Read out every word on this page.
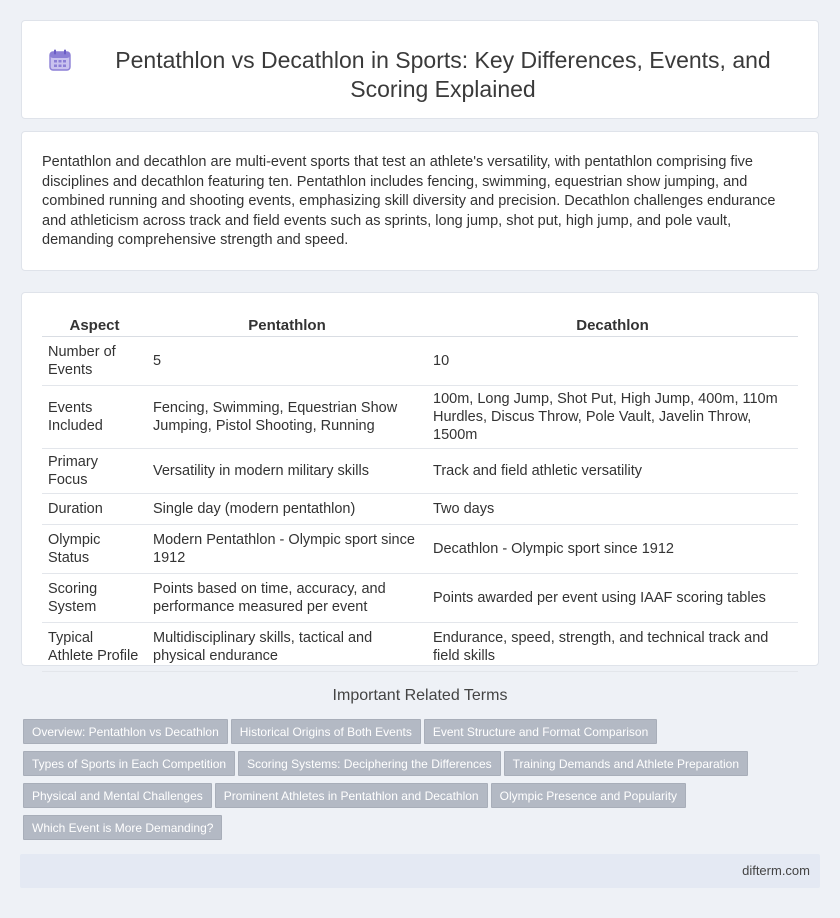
Pentathlon vs Decathlon in Sports: Key Differences, Events, and Scoring Explained

Pentathlon and decathlon are multi-event sports that test an athlete's versatility, with pentathlon comprising five disciplines and decathlon featuring ten. Pentathlon includes fencing, swimming, equestrian show jumping, and combined running and shooting events, emphasizing skill diversity and precision. Decathlon challenges endurance and athleticism across track and field events such as sprints, long jump, shot put, high jump, and pole vault, demanding comprehensive strength and speed.

Aspect	Pentathlon	Decathlon
Number of Events	5	10
Events Included	Fencing, Swimming, Equestrian Show Jumping, Pistol Shooting, Running	100m, Long Jump, Shot Put, High Jump, 400m, 110m Hurdles, Discus Throw, Pole Vault, Javelin Throw, 1500m
Primary Focus	Versatility in modern military skills	Track and field athletic versatility
Duration	Single day (modern pentathlon)	Two days
Olympic Status	Modern Pentathlon - Olympic sport since 1912	Decathlon - Olympic sport since 1912
Scoring System	Points based on time, accuracy, and performance measured per event	Points awarded per event using IAAF scoring tables
Typical Athlete Profile	Multidisciplinary skills, tactical and physical endurance	Endurance, speed, strength, and technical track and field skills
Important Related Terms
Overview: Pentathlon vs Decathlon Historical Origins of Both Events Event Structure and Format Comparison
Types of Sports in Each Competition Scoring Systems: Deciphering the Differences Training Demands and Athlete Preparation
Physical and Mental Challenges Prominent Athletes in Pentathlon and Decathlon Olympic Presence and Popularity
Which Event is More Demanding?
difterm.com
